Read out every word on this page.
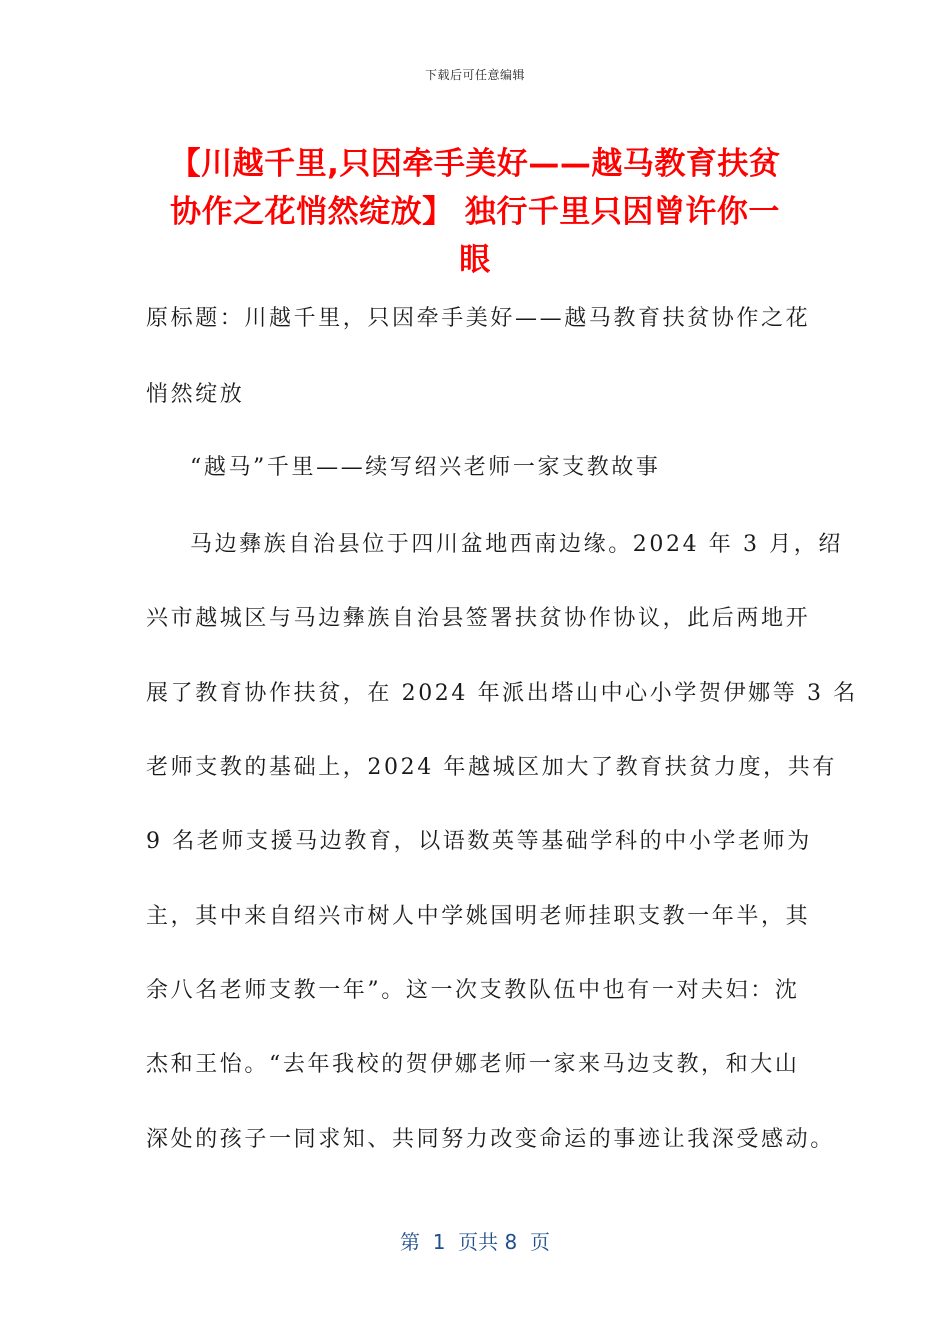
下载后可任意编辑
【川越千里,只因牵手美好——越马教育扶贫
协作之花悄然绽放】 独行千里只因曾许你一
眼
原标题：川越千里，只因牵手美好——越马教育扶贫协作之花
悄然绽放
“越马”千里——续写绍兴老师一家支教故事
马边彝族自治县位于四川盆地西南边缘。2024 年 3 月，绍
兴市越城区与马边彝族自治县签署扶贫协作协议，此后两地开
展了教育协作扶贫，在 2024 年派出塔山中心小学贺伊娜等 3 名
老师支教的基础上，2024 年越城区加大了教育扶贫力度，共有
9 名老师支援马边教育，以语数英等基础学科的中小学老师为
主，其中来自绍兴市树人中学姚国明老师挂职支教一年半，其
余八名老师支教一年”。这一次支教队伍中也有一对夫妇：沈
杰和王怡。“去年我校的贺伊娜老师一家来马边支教，和大山
深处的孩子一同求知、共同努力改变命运的事迹让我深受感动。
第  1  页共 8  页
